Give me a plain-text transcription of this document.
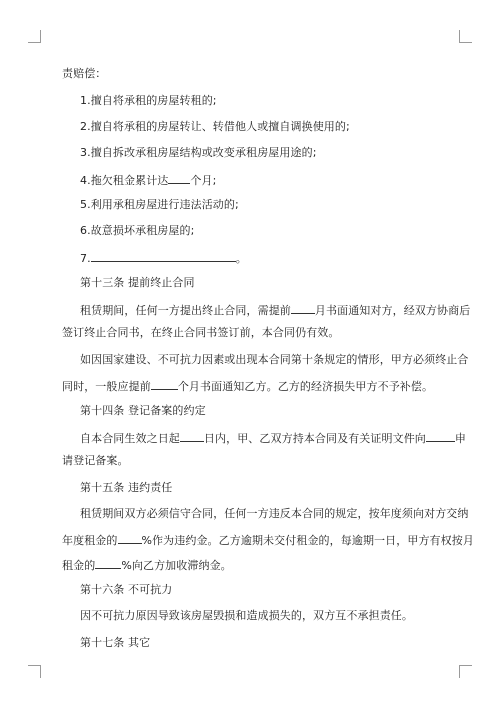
责赔偿：
1.擅自将承租的房屋转租的;
2.擅自将承租的房屋转让、转借他人或擅自调换使用的;
3.擅自拆改承租房屋结构或改变承租房屋用途的;
4.拖欠租金累计达 个月;
5.利用承租房屋进行违法活动的;
6.故意损坏承租房屋的;
7.	。
第十三条 提前终止合同
租赁期间，任何一方提出终止合同，需提前 月书面通知对方，经双方协商后
签订终止合同书，在终止合同书签订前，本合同仍有效。
如因国家建设、不可抗力因素或出现本合同第十条规定的情形，甲方必须终止合
同时，一般应提前 个月书面通知乙方。乙方的经济损失甲方不予补偿。
第十四条 登记备案的约定
自本合同生效之日起 日内，甲、乙双方持本合同及有关证明文件向	申
请登记备案。
第十五条 违约责任
租赁期间双方必须信守合同，任何一方违反本合同的规定，按年度须向对方交纳
年度租金的 %作为违约金。乙方逾期未交付租金的，每逾期一日，甲方有权按月
租金的 %向乙方加收滞纳金。
第十六条 不可抗力
因不可抗力原因导致该房屋毁损和造成损失的，双方互不承担责任。
第十七条 其它
